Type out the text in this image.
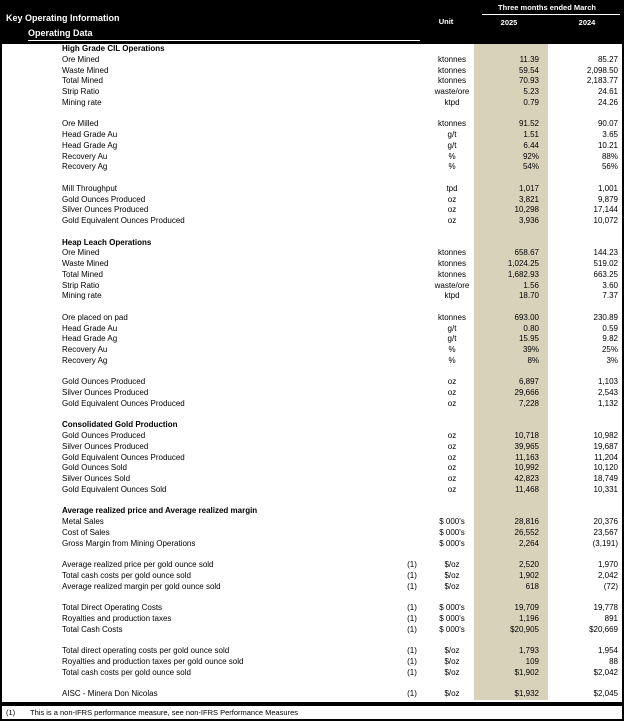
Key Operating Information
Operating Data
Three months ended March
Unit	2025	2024
High Grade CIL Operations
Ore Mined	ktonnes	11.39	85.27
Waste Mined	ktonnes	59.54	2,098.50
Total Mined	ktonnes	70.93	2,183.77
Strip Ratio	waste/ore	5.23	24.61
Mining rate	ktpd	0.79	24.26
Ore Milled	ktonnes	91.52	90.07
Head Grade Au	g/t	1.51	3.65
Head Grade Ag	g/t	6.44	10.21
Recovery Au	%	92%	88%
Recovery Ag	%	54%	56%
Mill Throughput	tpd	1,017	1,001
Gold Ounces Produced	oz	3,821	9,879
Silver Ounces Produced	oz	10,298	17,144
Gold Equivalent Ounces Produced	oz	3,936	10,072
Heap Leach Operations
Ore Mined	ktonnes	658.67	144.23
Waste Mined	ktonnes	1,024.25	519.02
Total Mined	ktonnes	1,682.93	663.25
Strip Ratio	waste/ore	1.56	3.60
Mining rate	ktpd	18.70	7.37
Ore placed on pad	ktonnes	693.00	230.89
Head Grade Au	g/t	0.80	0.59
Head Grade Ag	g/t	15.95	9.82
Recovery Au	%	39%	25%
Recovery Ag	%	8%	3%
Gold Ounces Produced	oz	6,897	1,103
Silver Ounces Produced	oz	29,666	2,543
Gold Equivalent Ounces Produced	oz	7,228	1,132
Consolidated Gold Production
Gold Ounces Produced	oz	10,718	10,982
Silver Ounces Produced	oz	39,965	19,687
Gold Equivalent Ounces Produced	oz	11,163	11,204
Gold Ounces Sold	oz	10,992	10,120
Silver Ounces Sold	oz	42,823	18,749
Gold Equivalent Ounces Sold	oz	11,468	10,331
Average realized price and Average realized margin
Metal Sales	$ 000's	28,816	20,376
Cost of Sales	$ 000's	26,552	23,567
Gross Margin from Mining Operations	$ 000's	2,264	(3,191)
Average realized price per gold ounce sold	(1)	$/oz	2,520	1,970
Total cash costs per gold ounce sold	(1)	$/oz	1,902	2,042
Average realized margin per gold ounce sold	(1)	$/oz	618	(72)
Total Direct Operating Costs	(1)	$ 000's	19,709	19,778
Royalties and production taxes	(1)	$ 000's	1,196	891
Total Cash Costs	(1)	$ 000's	$20,905	$20,669
Total direct operating costs per gold ounce sold	(1)	$/oz	1,793	1,954
Royalties and production taxes per gold ounce sold	(1)	$/oz	109	88
Total cash costs per gold ounce sold	(1)	$/oz	$1,902	$2,042
AISC - Minera Don Nicolas	(1)	$/oz	$1,932	$2,045
(1)	This is a non-IFRS performance measure, see non-IFRS Performance Measures
